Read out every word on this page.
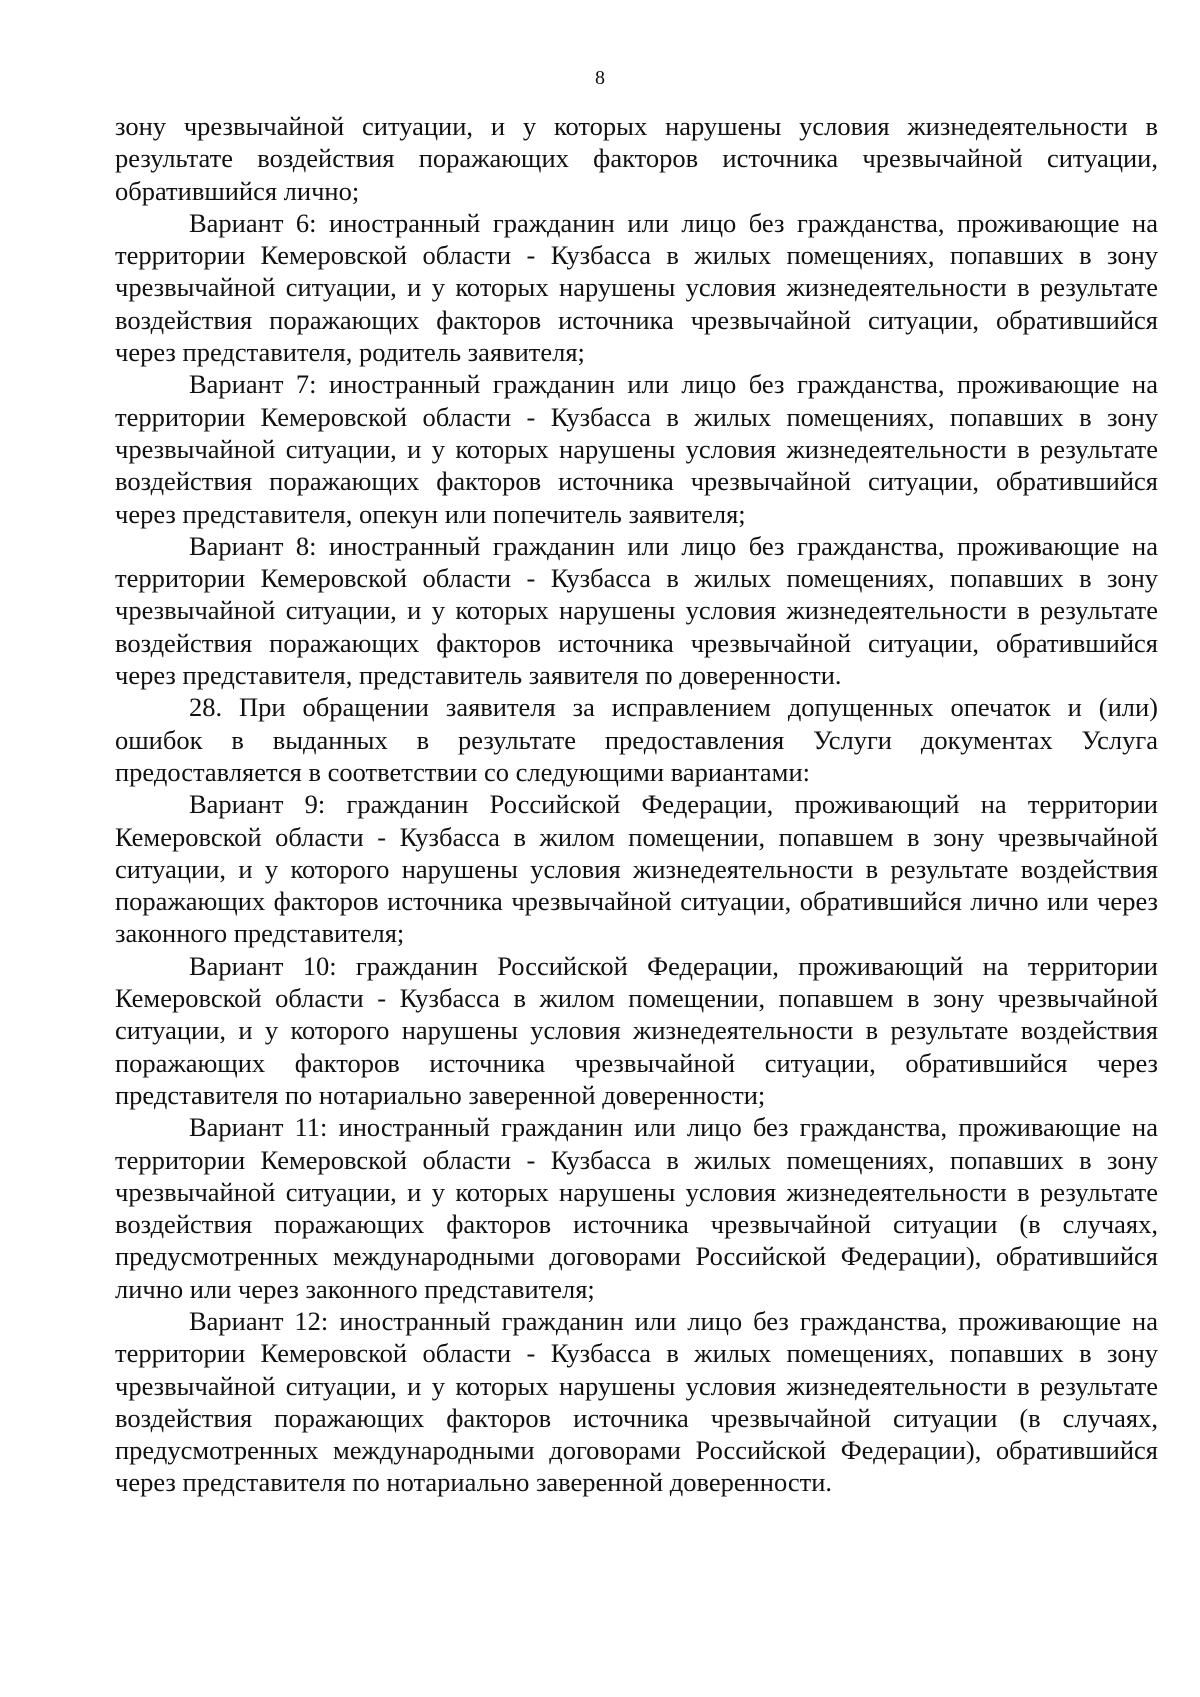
8

зону чрезвычайной ситуации, и у которых нарушены условия жизнедеятельности в результате воздействия поражающих факторов источника чрезвычайной ситуации, обратившийся лично;

Вариант 6: иностранный гражданин или лицо без гражданства, проживающие на территории Кемеровской области - Кузбасса в жилых помещениях, попавших в зону чрезвычайной ситуации, и у которых нарушены условия жизнедеятельности в результате воздействия поражающих факторов источника чрезвычайной ситуации, обратившийся через представителя, родитель заявителя;

Вариант 7: иностранный гражданин или лицо без гражданства, проживающие на территории Кемеровской области - Кузбасса в жилых помещениях, попавших в зону чрезвычайной ситуации, и у которых нарушены условия жизнедеятельности в результате воздействия поражающих факторов источника чрезвычайной ситуации, обратившийся через представителя, опекун или попечитель заявителя;

Вариант 8: иностранный гражданин или лицо без гражданства, проживающие на территории Кемеровской области - Кузбасса в жилых помещениях, попавших в зону чрезвычайной ситуации, и у которых нарушены условия жизнедеятельности в результате воздействия поражающих факторов источника чрезвычайной ситуации, обратившийся через представителя, представитель заявителя по доверенности.

28. При обращении заявителя за исправлением допущенных опечаток и (или) ошибок в выданных в результате предоставления Услуги документах Услуга предоставляется в соответствии со следующими вариантами:

Вариант 9: гражданин Российской Федерации, проживающий на территории Кемеровской области - Кузбасса в жилом помещении, попавшем в зону чрезвычайной ситуации, и у которого нарушены условия жизнедеятельности в результате воздействия поражающих факторов источника чрезвычайной ситуации, обратившийся лично или через законного представителя;

Вариант 10: гражданин Российской Федерации, проживающий на территории Кемеровской области - Кузбасса в жилом помещении, попавшем в зону чрезвычайной ситуации, и у которого нарушены условия жизнедеятельности в результате воздействия поражающих факторов источника чрезвычайной ситуации, обратившийся через представителя по нотариально заверенной доверенности;

Вариант 11: иностранный гражданин или лицо без гражданства, проживающие на территории Кемеровской области - Кузбасса в жилых помещениях, попавших в зону чрезвычайной ситуации, и у которых нарушены условия жизнедеятельности в результате воздействия поражающих факторов источника чрезвычайной ситуации (в случаях, предусмотренных международными договорами Российской Федерации), обратившийся лично или через законного представителя;

Вариант 12: иностранный гражданин или лицо без гражданства, проживающие на территории Кемеровской области - Кузбасса в жилых помещениях, попавших в зону чрезвычайной ситуации, и у которых нарушены условия жизнедеятельности в результате воздействия поражающих факторов источника чрезвычайной ситуации (в случаях, предусмотренных международными договорами Российской Федерации), обратившийся через представителя по нотариально заверенной доверенности.
